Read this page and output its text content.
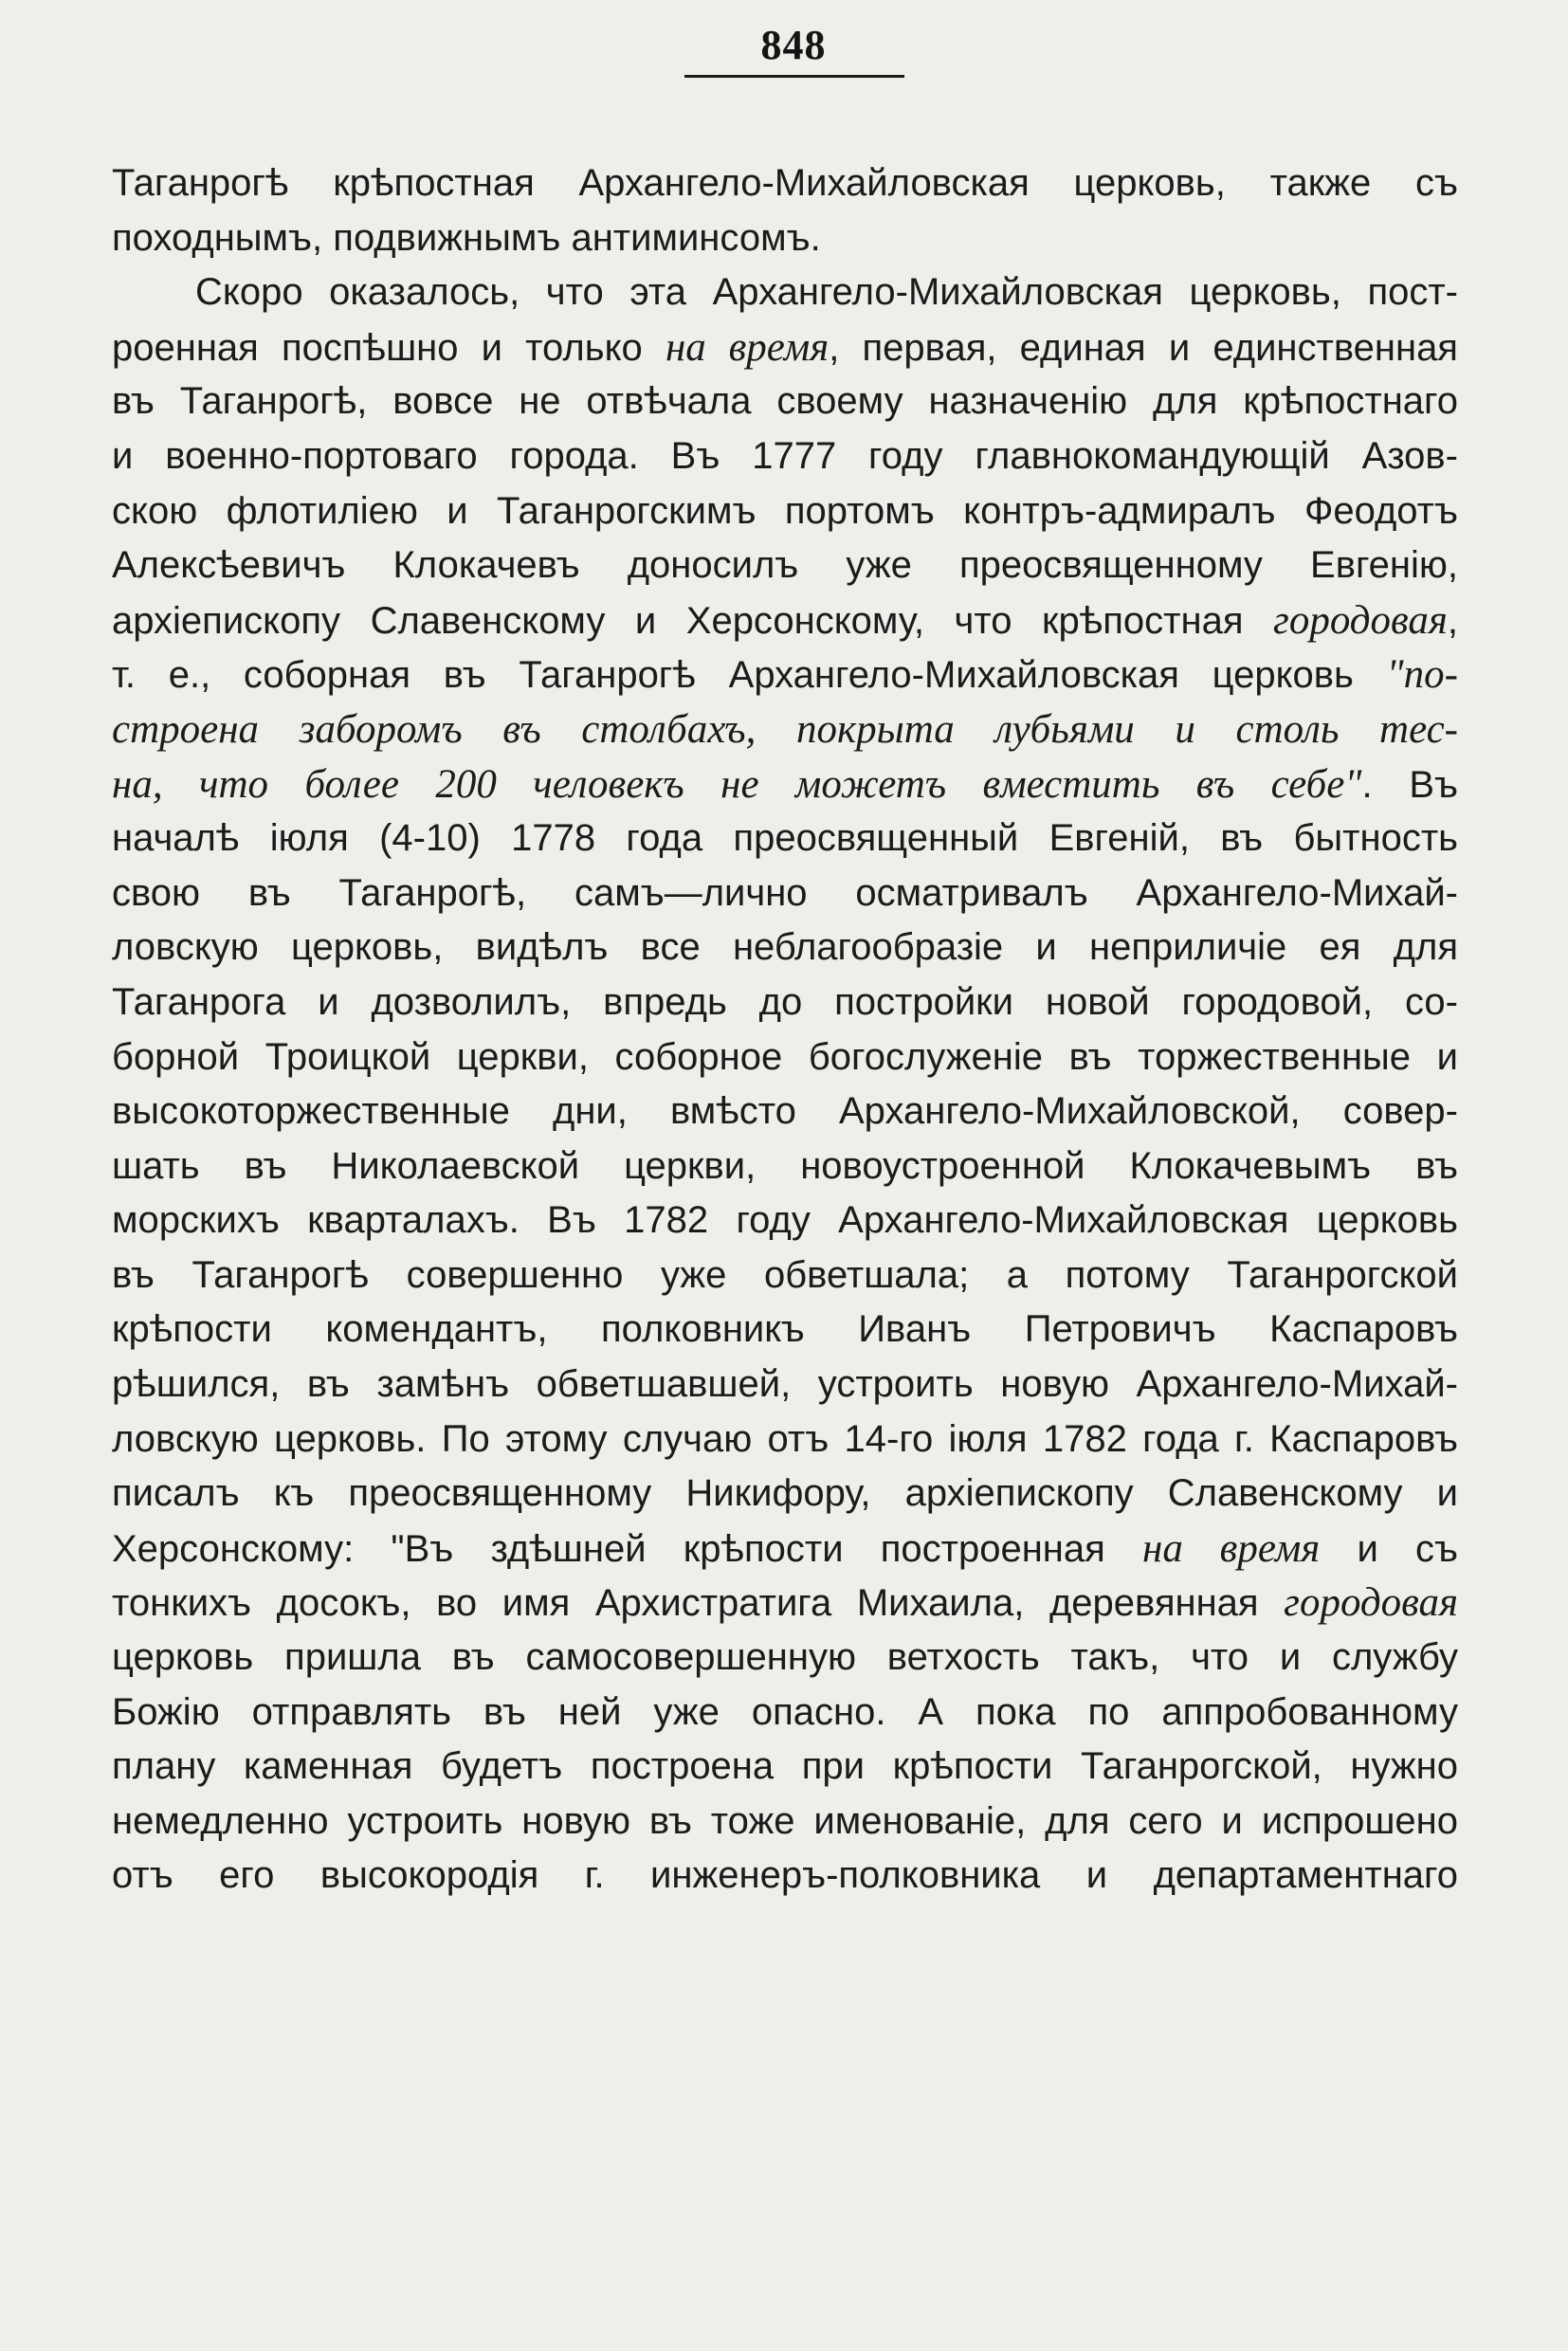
848
Таганрогѣ крѣпостная Архангело-Михайловская церковь, также съ
походнымъ, подвижнымъ антиминсомъ.
Скоро оказалось, что эта Архангело-Михайловская церковь, пост-
роенная поспѣшно и только на время, первая, единая и единственная
въ Таганрогѣ, вовсе не отвѣчала своему назначенію для крѣпостнаго
и военно-портоваго города. Въ 1777 году главнокомандующій Азов-
скою флотиліею и Таганрогскимъ портомъ контръ-адмиралъ Феодотъ
Алексѣевичъ Клокачевъ доносилъ уже преосвященному Евгенію,
архіепископу Славенскому и Херсонскому, что крѣпостная городовая,
т. е., соборная въ Таганрогѣ Архангело-Михайловская церковь "по-
строена заборомъ въ столбахъ, покрыта лубьями и столь тес-
на, что более 200 человекъ не можетъ вместить въ себе". Въ
началѣ іюля (4-10) 1778 года преосвященный Евгеній, въ бытность
свою въ Таганрогѣ, самъ—лично осматривалъ Архангело-Михай-
ловскую церковь, видѣлъ все неблагообразіе и неприличіе ея для
Таганрога и дозволилъ, впредь до постройки новой городовой, со-
борной Троицкой церкви, соборное богослуженіе въ торжественные и
высокоторжественные дни, вмѣсто Архангело-Михайловской, совер-
шать въ Николаевской церкви, новоустроенной Клокачевымъ въ
морскихъ кварталахъ. Въ 1782 году Архангело-Михайловская церковь
въ Таганрогѣ совершенно уже обветшала; а потому Таганрогской
крѣпости комендантъ, полковникъ Иванъ Петровичъ Каспаровъ
рѣшился, въ замѣнъ обветшавшей, устроить новую Архангело-Михай-
ловскую церковь. По этому случаю отъ 14-го іюля 1782 года г. Каспаровъ
писалъ къ преосвященному Никифору, архіепископу Славенскому и
Херсонскому: "Въ здѣшней крѣпости построенная на время и съ
тонкихъ досокъ, во имя Архистратига Михаила, деревянная городовая
церковь пришла въ самосовершенную ветхость такъ, что и службу
Божію отправлять въ ней уже опасно. А пока по аппробованному
плану каменная будетъ построена при крѣпости Таганрогской, нужно
немедленно устроить новую въ тоже именованіе, для сего и испрошено
отъ его высокородія г. инженеръ-полковника и департаментнаго
